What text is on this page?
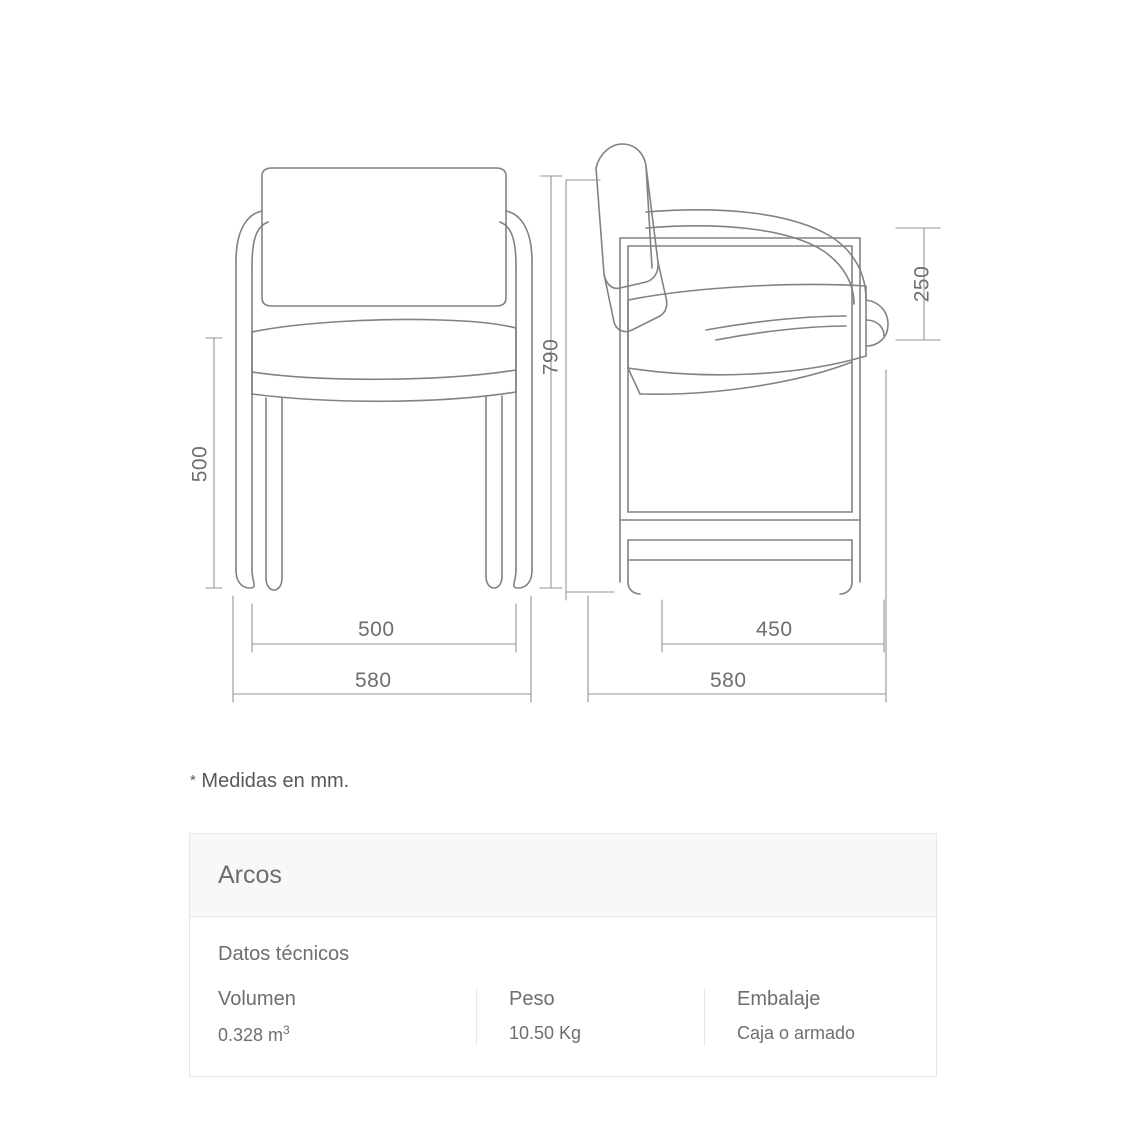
500
790
500
580
250
450
580
* Medidas en mm.
Arcos
Datos técnicos
Volumen
0.328 $m^3$
Peso
10.50 Kg
Embalaje
Caja o armado
